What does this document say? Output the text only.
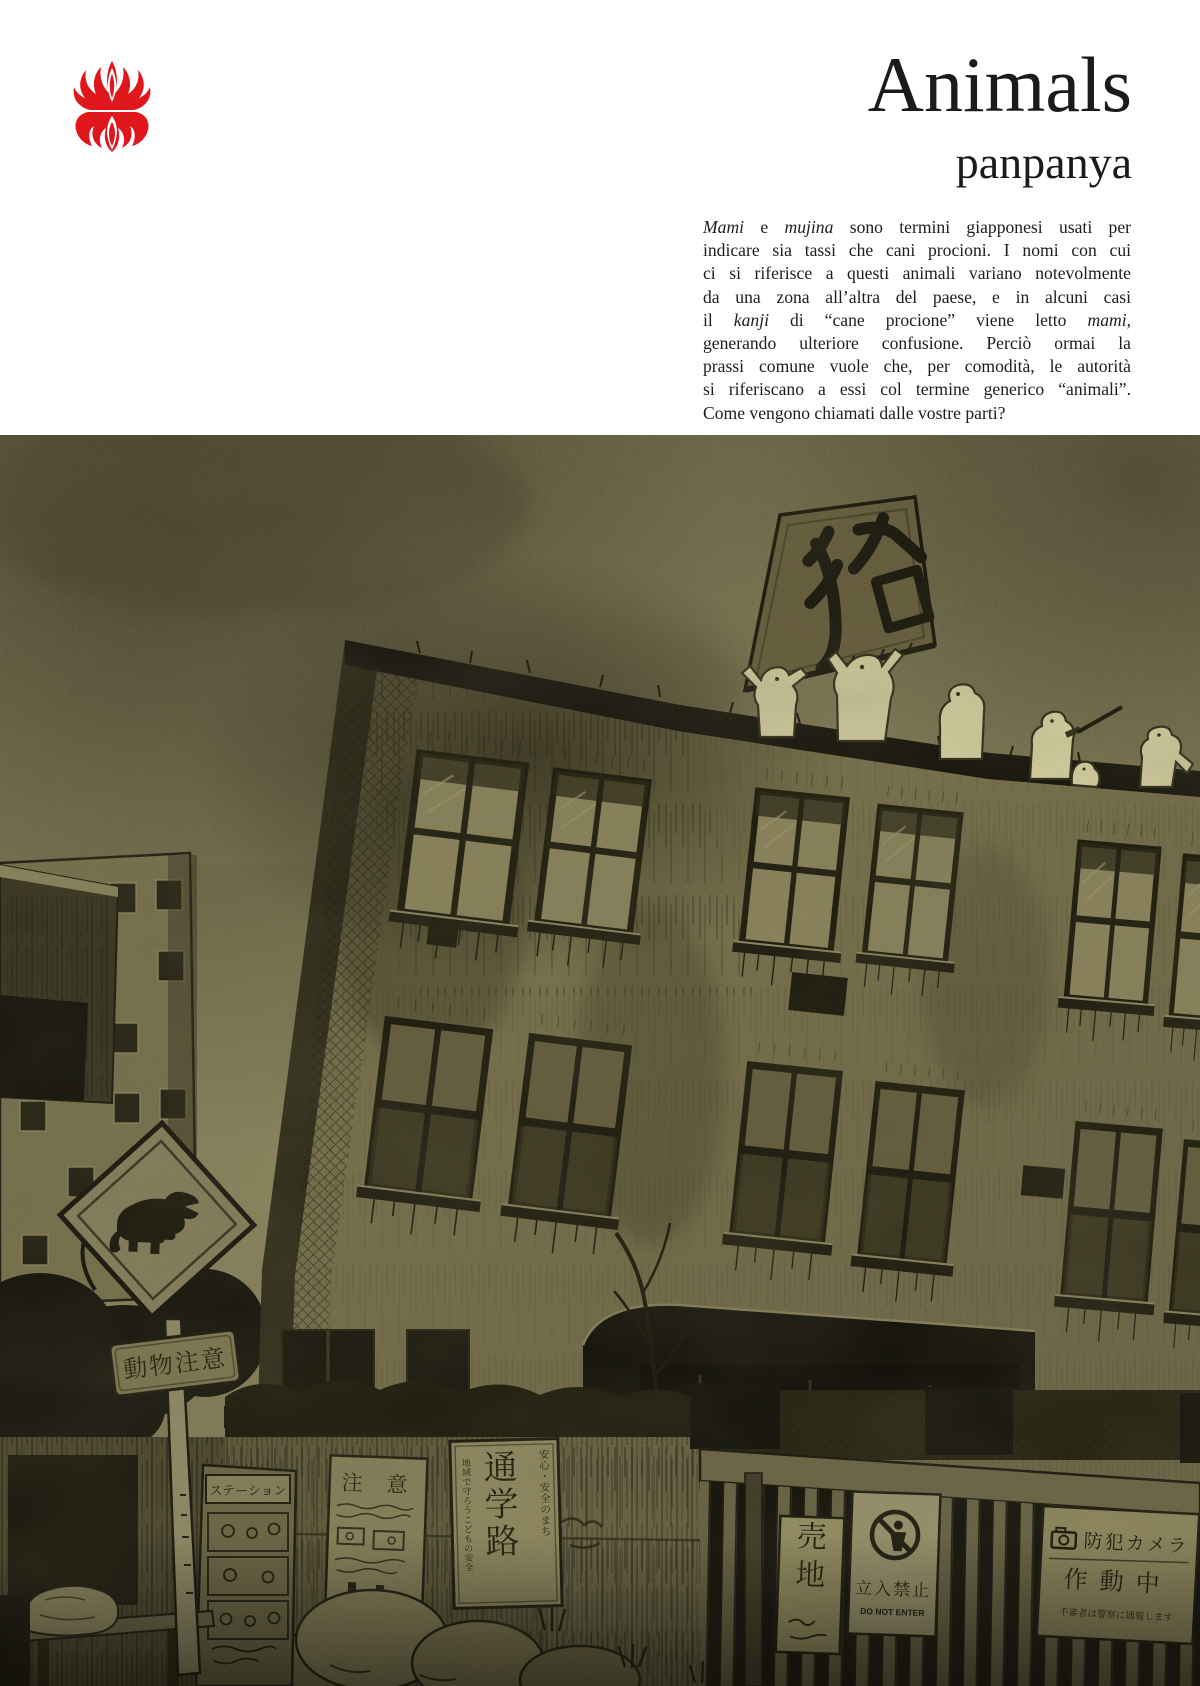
Animals
panpanya
Mami e mujina sono termini giapponesi usati per
indicare sia tassi che cani procioni. I nomi con cui
ci si riferisce a questi animali variano notevolmente
da una zona all’altra del paese, e in alcuni casi
il kanji di “cane procione” viene letto mami,
generando ulteriore confusione. Perciò ormai la
prassi comune vuole che, per comodità, le autorità
si riferiscano a essi col termine generico “animali”.
Come vengono chiamati dalle vostre parti?
